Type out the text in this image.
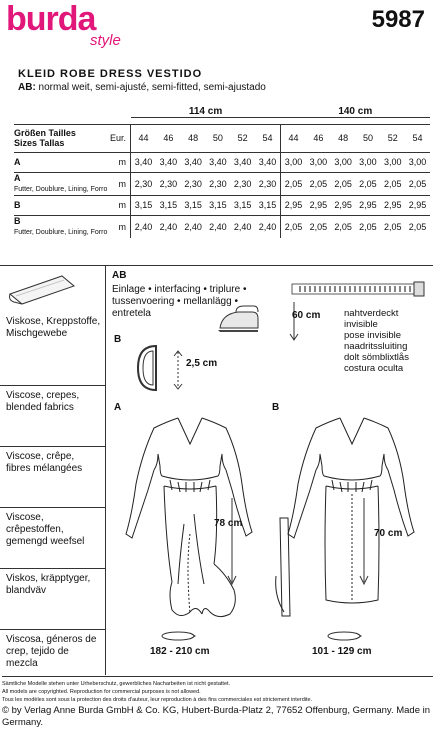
burda
style
5987
KLEID ROBE DRESS VESTIDO
AB: normal weit, semi-ajusté, semi-fitted, semi-ajustado
		114 cm						140 cm					
Größen Tailles
Sizes Tallas	Eur.	44	46	48	50	52	54	44	46	48	50	52	54
A	m	3,40	3,40	3,40	3,40	3,40	3,40	3,00	3,00	3,00	3,00	3,00	3,00
A
Futter, Doublure, Lining, Forro	m	2,30	2,30	2,30	2,30	2,30	2,30	2,05	2,05	2,05	2,05	2,05	2,05
B	m	3,15	3,15	3,15	3,15	3,15	3,15	2,95	2,95	2,95	2,95	2,95	2,95
B
Futter, Doublure, Lining, Forro	m	2,40	2,40	2,40	2,40	2,40	2,40	2,05	2,05	2,05	2,05	2,05	2,05
Viskose, Kreppstoffe, Mischgewebe
Viscose, crepes, blended fabrics
Viscose, crêpe, fibres mélangées
Viscose, crêpestoffen, gemengd weefsel
Viskos, kräpptyger, blandväv
Viscosa, géneros de crep, tejido de mezcla
AB
Einlage • interfacing • triplure •
tussenvoering • mellanlägg •
entretela	60 cm nahtverdeckt
invisible
pose invisible
naadritssluiting
dolt sömblixtlås
costura oculta
B
2,5 cm
A
78 cm
182 - 210 cm
B
70 cm
101 - 129 cm
Sämtliche Modelle stehen unter Urheberschutz, gewerbliches Nacharbeiten ist nicht gestattet.
All models are copyrighted. Reproduction for commercial purposes is not allowed.
Tous les modèles sont sous la protection des droits d'auteur, leur reproduction à des fins commerciales est strictement interdite.
© by Verlag Anne Burda GmbH & Co. KG, Hubert-Burda-Platz 2, 77652 Offenburg, Germany. Made in Germany.
